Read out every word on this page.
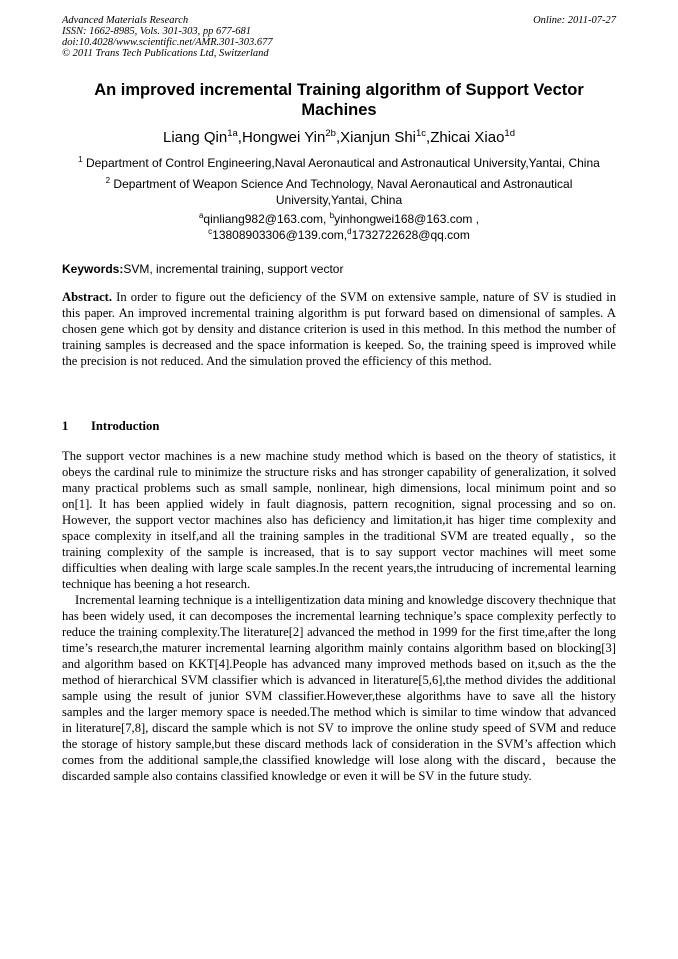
Advanced Materials Research
ISSN: 1662-8985, Vols. 301-303, pp 677-681
doi:10.4028/www.scientific.net/AMR.301-303.677
© 2011 Trans Tech Publications Ltd, Switzerland
Online: 2011-07-27
An improved incremental Training algorithm of Support Vector Machines
Liang Qin$^{1a}$,Hongwei Yin$^{2b}$,Xianjun Shi$^{1c}$,Zhicai Xiao$^{1d}$
$^1$ Department of Control Engineering,Naval Aeronautical and Astronautical University,Yantai, China
$^2$ Department of Weapon Science And Technology, Naval Aeronautical and Astronautical University,Yantai, China
$^a$qinliang982@163.com, $^b$yinhongwei168@163.com ,
$^c$13808903306@139.com,$^d$1732722628@qq.com
Keywords:SVM, incremental training, support vector
Abstract. In order to figure out the deficiency of the SVM on extensive sample, nature of SV is studied in this paper. An improved incremental training algorithm is put forward based on dimensional of samples. A chosen gene which got by density and distance criterion is used in this method. In this method the number of training samples is decreased and the space information is keeped. So, the training speed is improved while the precision is not reduced. And the simulation proved the efficiency of this method.
1 Introduction

The support vector machines is a new machine study method which is based on the theory of statistics, it obeys the cardinal rule to minimize the structure risks and has stronger capability of generalization, it solved many practical problems such as small sample, nonlinear, high dimensions, local minimum point and so on[1]. It has been applied widely in fault diagnosis, pattern recognition, signal processing and so on. However, the support vector machines also has deficiency and limitation,it has higer time complexity and space complexity in itself,and all the training samples in the traditional SVM are treated equally，so the training complexity of the sample is increased, that is to say support vector machines will meet some difficulties when dealing with large scale samples.In the recent years,the intruducing of incremental learning technique has beening a hot research.

Incremental learning technique is a intelligentization data mining and knowledge discovery thechnique that has been widely used, it can decomposes the incremental learning technique’s space complexity perfectly to reduce the training complexity.The literature[2] advanced the method in 1999 for the first time,after the long time’s research,the maturer incremental learning algorithm mainly contains algorithm based on blocking[3] and algorithm based on KKT[4].People has advanced many improved methods based on it,such as the the method of hierarchical SVM classifier which is advanced in literature[5,6],the method divides the additional sample using the result of junior SVM classifier.However,these algorithms have to save all the history samples and the larger memory space is needed.The method which is similar to time window that advanced in literature[7,8], discard the sample which is not SV to improve the online study speed of SVM and reduce the storage of history sample,but these discard methods lack of consideration in the SVM’s affection which comes from the additional sample,the classified knowledge will lose along with the discard，because the discarded sample also contains classified knowledge or even it will be SV in the future study.
